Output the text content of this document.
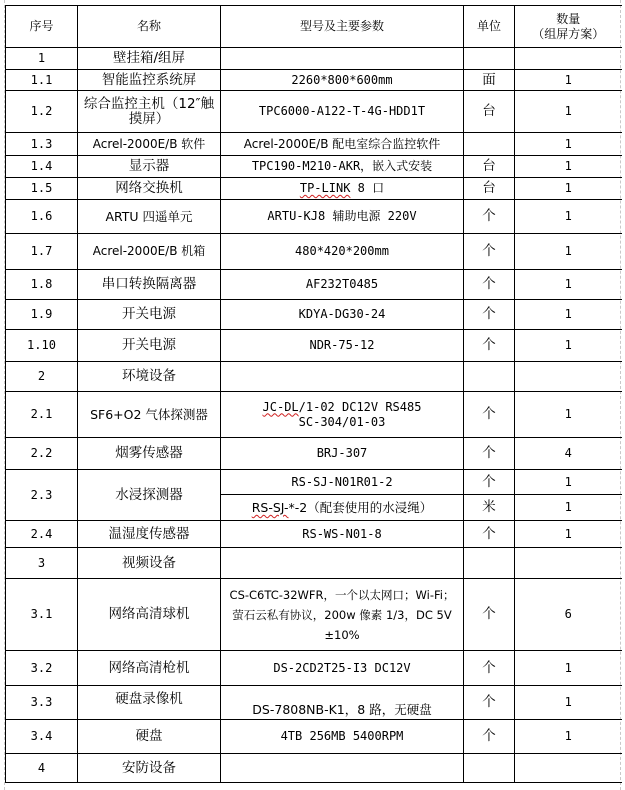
序号	名称	型号及主要参数	单位	数量
（组屏方案）
1	壁挂箱/组屏			
1.1	智能监控系统屏	2260*800*600mm	面	1
1.2	综合监控主机（12″触摸屏）	TPC6000-A122-T-4G-HDD1T	台	1
1.3	Acrel-2000E/B 软件	Acrel-2000E/B 配电室综合监控软件		1
1.4	显示器	TPC190-M210-AKR，嵌入式安装	台	1
1.5	网络交换机	TP-LINK 8 口	台	1
1.6	ARTU 四遥单元	ARTU-KJ8 辅助电源 220V	个	1
1.7	Acrel-2000E/B 机箱	480*420*200mm	个	1
1.8	串口转换隔离器	AF232T0485	个	1
1.9	开关电源	KDYA-DG30-24	个	1
1.10	开关电源	NDR-75-12	个	1
2	环境设备			
2.1	SF6+O2 气体探测器	JC-DL/1-02 DC12V RS485
SC-304/01-03	个	1
2.2	烟雾传感器	BRJ-307	个	4
2.3	水浸探测器	RS-SJ-N01R01-2	个	1
		RS-SJ-*-2（配套使用的水浸绳）	米	1
2.4	温湿度传感器	RS-WS-N01-8	个	1
3	视频设备			
3.1	网络高清球机	CS-C6TC-32WFR，一个以太网口；Wi-Fi；
萤石云私有协议，200w 像素 1/3，DC 5V
±10%	个	6
3.2	网络高清枪机	DS-2CD2T25-I3 DC12V	个	1
3.3	硬盘录像机	DS-7808NB-K1，8 路，无硬盘	个	1
3.4	硬盘	4TB 256MB 5400RPM	个	1
4	安防设备			
